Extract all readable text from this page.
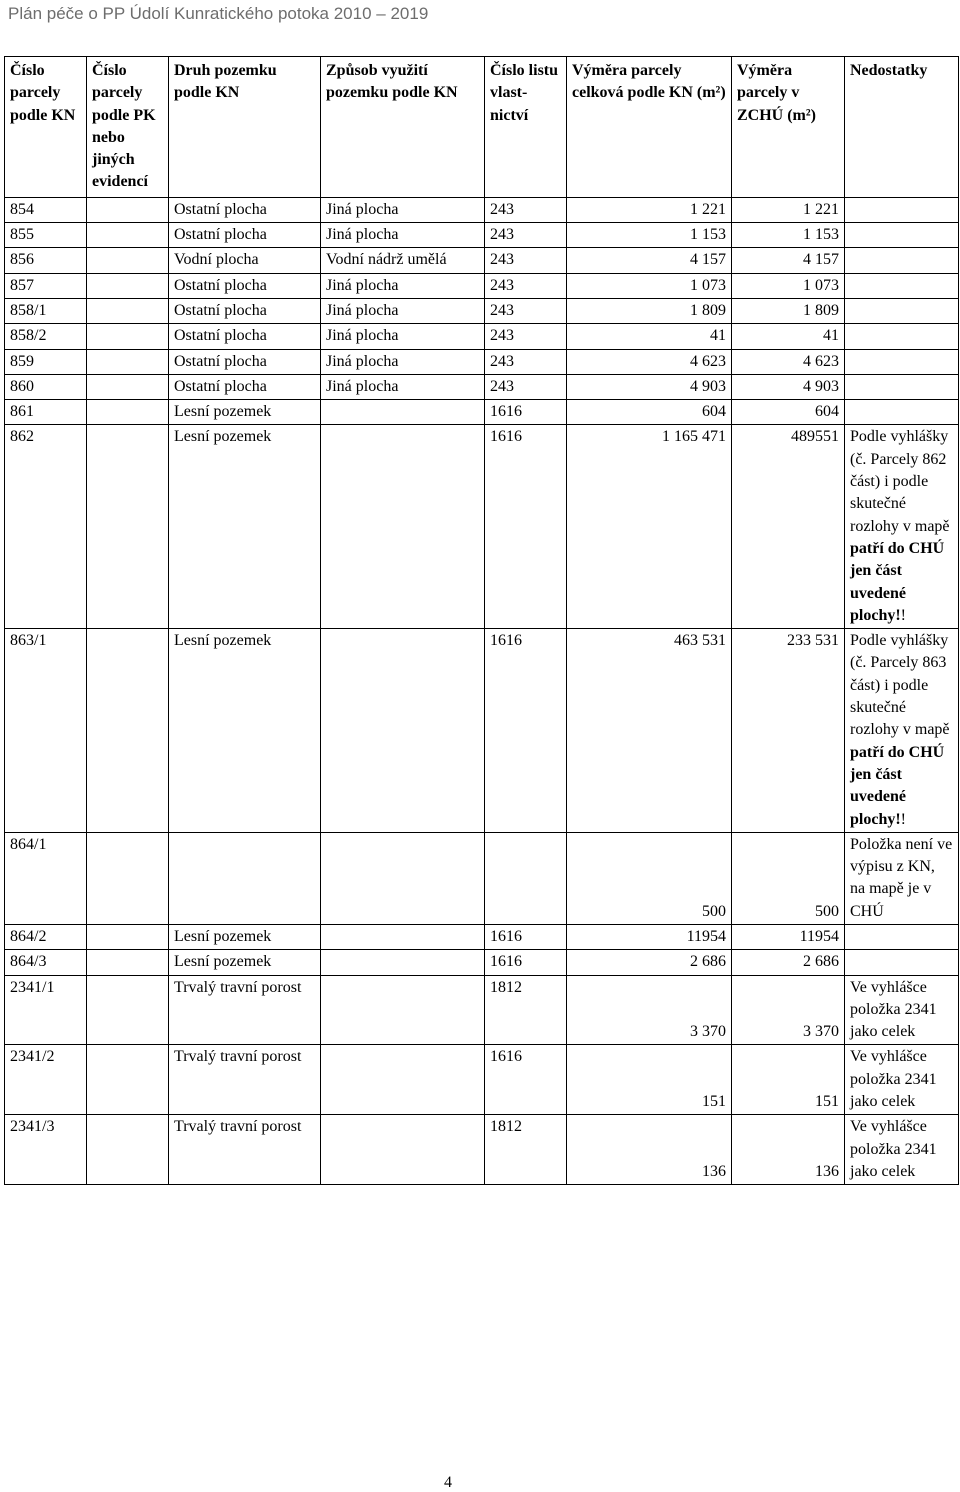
Plán péče o PP Údolí Kunratického potoka 2010 – 2019
Číslo parcely podle KN	Číslo parcely podle PK nebo jiných evidencí	Druh pozemku podle KN	Způsob využití pozemku podle KN	Číslo listu vlast-nictví	Výměra parcely celková podle KN (m²)	Výměra parcely v ZCHÚ (m²)	Nedostatky
854		Ostatní plocha	Jiná plocha	243	1 221	1 221	
855		Ostatní plocha	Jiná plocha	243	1 153	1 153	
856		Vodní plocha	Vodní nádrž umělá	243	4 157	4 157	
857		Ostatní plocha	Jiná plocha	243	1 073	1 073	
858/1		Ostatní plocha	Jiná plocha	243	1 809	1 809	
858/2		Ostatní plocha	Jiná plocha	243	41	41	
859		Ostatní plocha	Jiná plocha	243	4 623	4 623	
860		Ostatní plocha	Jiná plocha	243	4 903	4 903	
861		Lesní pozemek		1616	604	604	
862		Lesní pozemek		1616	1 165 471	489551	Podle vyhlášky (č. Parcely 862 část) i podle skutečné rozlohy v mapě patří do CHÚ jen část uvedené plochy!!
863/1		Lesní pozemek		1616	463 531	233 531	Podle vyhlášky (č. Parcely 863 část) i podle skutečné rozlohy v mapě patří do CHÚ jen část uvedené plochy!!
864/1					500	500	Položka není ve výpisu z KN, na mapě je v CHÚ
864/2		Lesní pozemek		1616	11954	11954	
864/3		Lesní pozemek		1616	2 686	2 686	
2341/1		Trvalý travní porost		1812	3 370	3 370	Ve vyhlášce položka 2341 jako celek
2341/2		Trvalý travní porost		1616	151	151	Ve vyhlášce položka 2341 jako celek
2341/3		Trvalý travní porost		1812	136	136	Ve vyhlášce položka 2341 jako celek
4
